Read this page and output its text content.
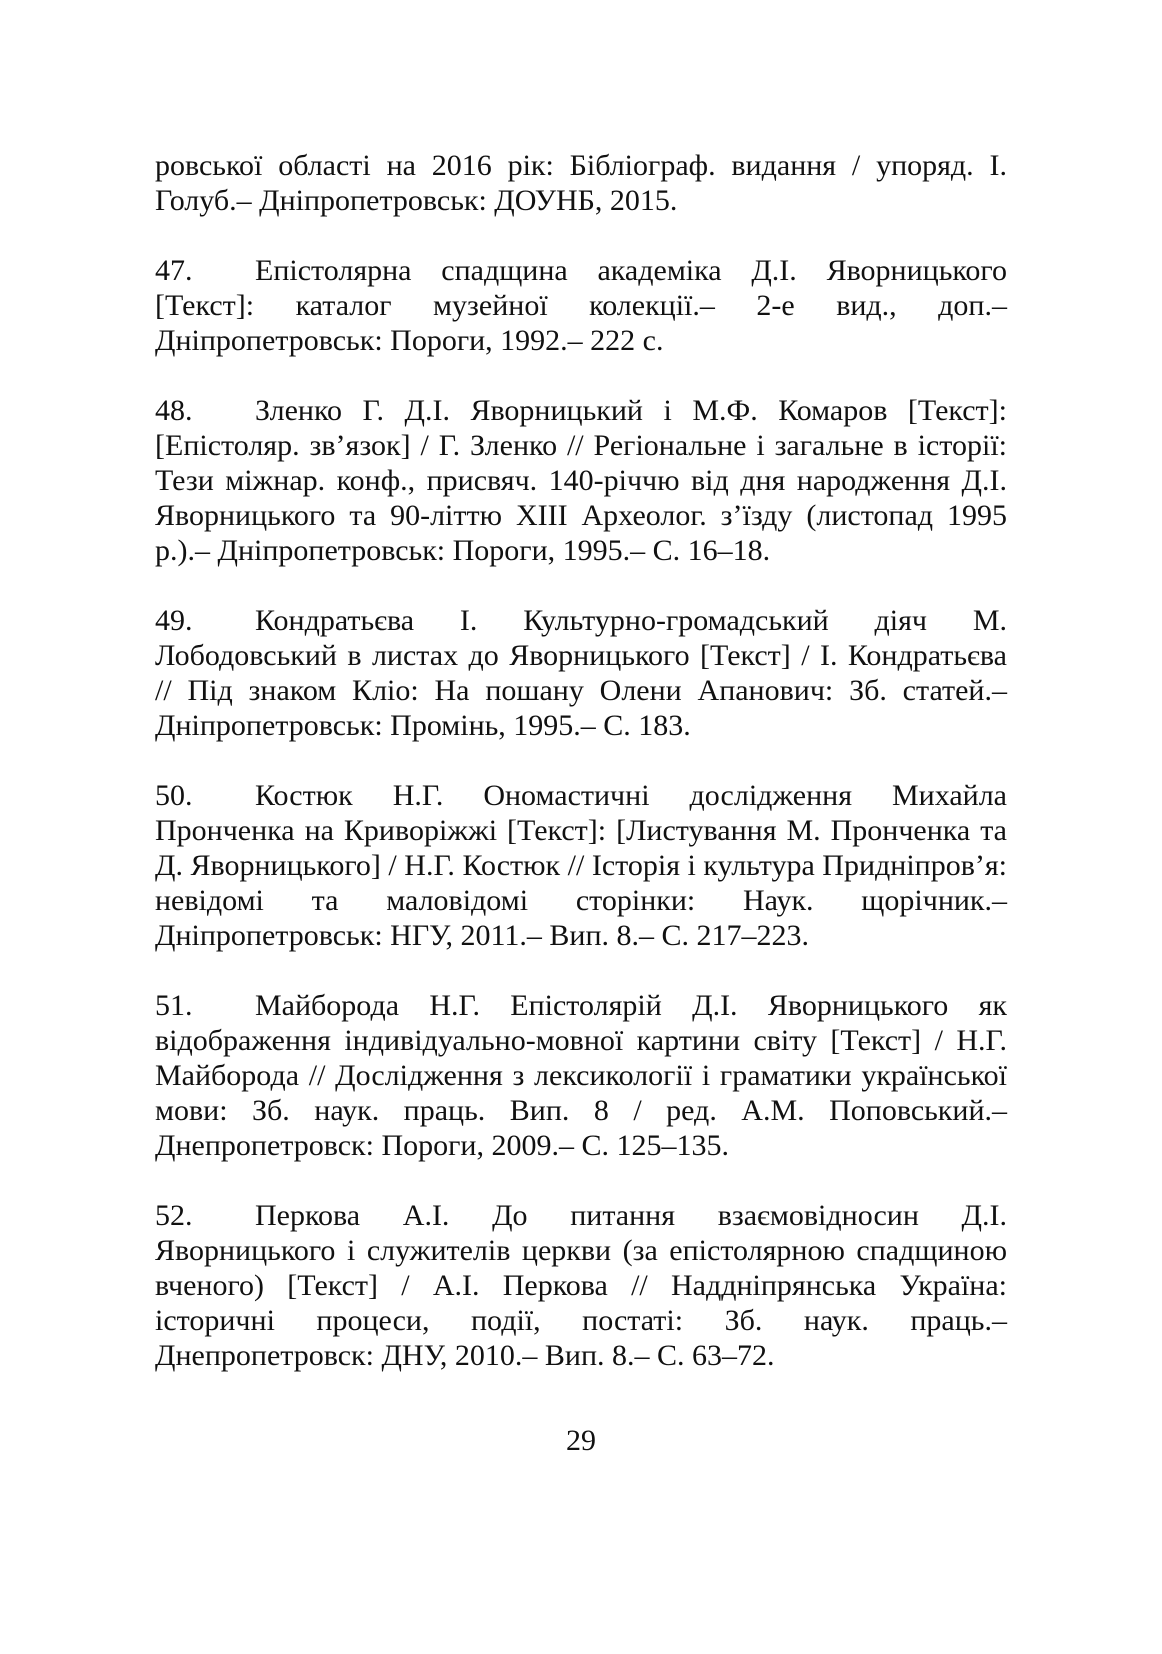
ровської області на 2016 рік: Бібліограф. видання / упоряд. І. Голуб.– Дніпропетровськ: ДОУНБ, 2015.

47. Епістолярна спадщина академіка Д.І. Яворницького [Текст]: каталог музейної колекції.– 2-е вид., доп.– Дніпропетровськ: Пороги, 1992.– 222 с.

48. Зленко Г. Д.І. Яворницький і М.Ф. Комаров [Текст]: [Епістоляр. зв’язок] / Г. Зленко // Регіональне і загальне в історії: Тези міжнар. конф., присвяч. 140-річчю від дня народження Д.І. Яворницького та 90-літтю XIII Археолог. з’їзду (листопад 1995 р.).– Дніпропетровськ: Пороги, 1995.– С. 16–18.

49. Кондратьєва І. Культурно-громадський діяч М. Лободовський в листах до Яворницького [Текст] / І. Кондратьєва // Під знаком Кліо: На пошану Олени Апанович: Зб. статей.– Дніпропетровськ: Промінь, 1995.– С. 183.

50. Костюк Н.Г. Ономастичні дослідження Михайла Пронченка на Криворіжжі [Текст]: [Листування М. Пронченка та Д. Яворницького] / Н.Г. Костюк // Історія і культура Придніпров’я: невідомі та маловідомі сторінки: Наук. щорічник.– Дніпропетровськ: НГУ, 2011.– Вип. 8.– С. 217–223.

51. Майборода Н.Г. Епістолярій Д.І. Яворницького як відображення індивідуально-мовної картини світу [Текст] / Н.Г. Майборода // Дослідження з лексикології і граматики української мови: Зб. наук. праць. Вип. 8 / ред. А.М. Поповський.– Днепропетровск: Пороги, 2009.– С. 125–135.

52. Перкова А.І. До питання взаємовідносин Д.І. Яворницького і служителів церкви (за епістолярною спадщиною вченого) [Текст] / А.І. Перкова // Наддніпрянська Україна: історичні процеси, події, постаті: Зб. наук. праць.– Днепропетровск: ДНУ, 2010.– Вип. 8.– С. 63–72.

29
